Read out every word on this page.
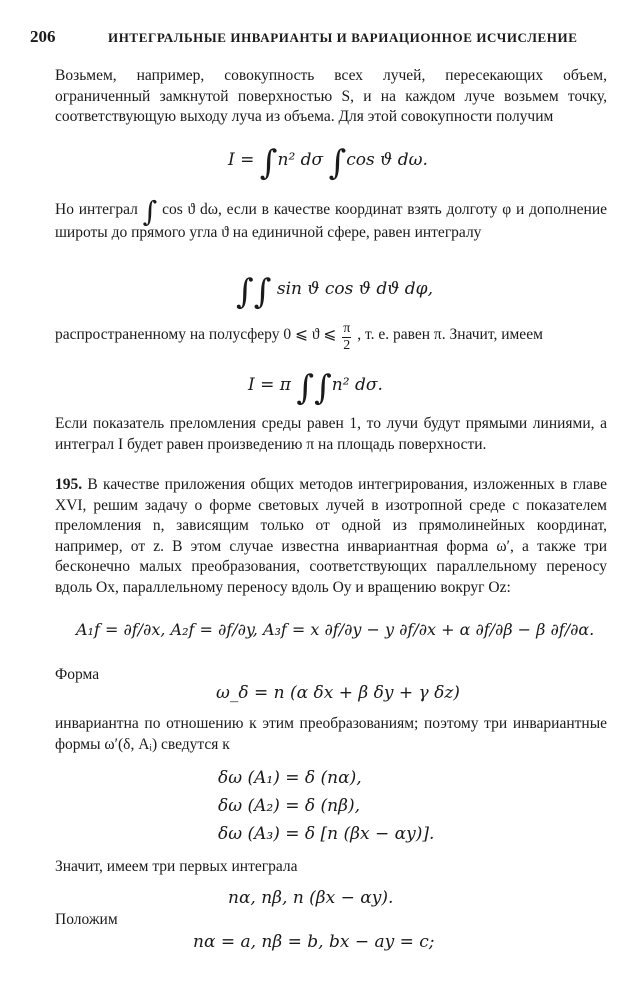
206	ИНТЕГРАЛЬНЫЕ ИНВАРИАНТЫ И ВАРИАЦИОННОЕ ИСЧИСЛЕНИЕ

Возьмем, например, совокупность всех лучей, пересекающих объем, ограниченный замкнутой поверхностью S, и на каждом луче возьмем точку, соответствующую выходу луча из объема. Для этой совокупности получим

I = ∫n² dσ ∫cos ϑ dω.

Но интеграл ∫ cos ϑ dω, если в качестве координат взять долготу φ и дополнение широты до прямого угла ϑ на единичной сфере, равен интегралу

∫∫ sin ϑ cos ϑ dϑ dφ,

распространенному на полусферу 0 ⩽ ϑ ⩽ $\frac{\pi}{2}$ , т. е. равен π. Значит, имеем

I = π ∫∫n² dσ.

Если показатель преломления среды равен 1, то лучи будут прямыми линиями, а интеграл I будет равен произведению π на площадь поверхности.

195. В качестве приложения общих методов интегрирования, изложенных в главе XVI, решим задачу о форме световых лучей в изотропной среде с показателем преломления n, зависящим только от одной из прямолинейных координат, например, от z. В этом случае известна инвариантная форма ω′, а также три бесконечно малых преобразования, соответствующих параллельному переносу вдоль Ox, параллельному переносу вдоль Oy и вращению вокруг Oz:

A₁f = ∂f/∂x, A₂f = ∂f/∂y, A₃f = x ∂f/∂y − y ∂f/∂x + α ∂f/∂β − β ∂f/∂α.

Форма

ω_δ = n (α δx + β δy + γ δz)

инвариантна по отношению к этим преобразованиям; поэтому три инвариантные формы ω′(δ, Aᵢ) сведутся к

δω (A₁) = δ (nα),
δω (A₂) = δ (nβ),
δω (A₃) = δ [n (βx − αy)].

Значит, имеем три первых интеграла

nα, nβ, n (βx − αy).

Положим

nα = a, nβ = b, bx − ay = c;
